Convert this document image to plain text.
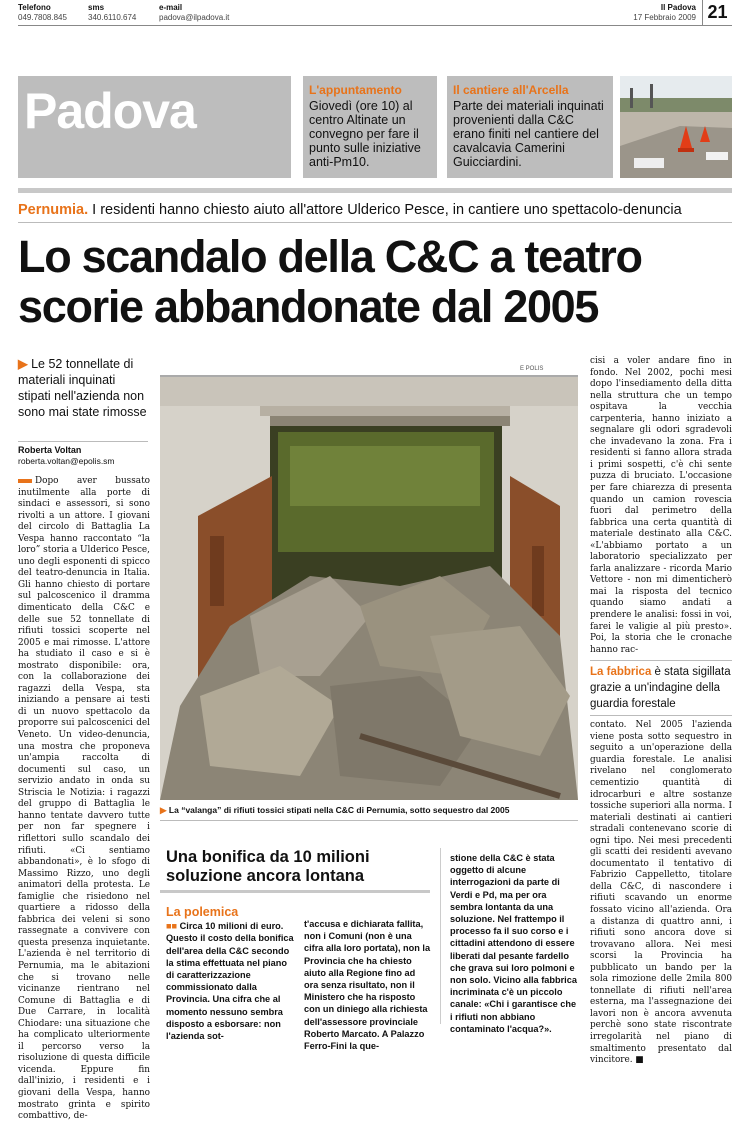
Telefono
049.7808.845
sms
340.6110.674
e-mail
padova@ilpadova.it
Il Padova
17 Febbraio 2009 21
Padova	L'appuntamento

Giovedì (ore 10) al centro Altinate un convegno per fare il punto sulle iniziative anti-Pm10.

Il cantiere all'Arcella

Parte dei materiali inquinati provenienti dalla C&C erano finiti nel cantiere del cavalcavia Camerini Guicciardini.

Pernumia. I residenti hanno chiesto aiuto all'attore Ulderico Pesce, in cantiere uno spettacolo-denuncia
Lo scandalo della C&C a teatro
scorie abbandonate dal 2005
▶ Le 52 tonnellate di materiali inquinati stipati nell'azienda non sono mai state rimosse
Roberta Voltan
roberta.voltan@epolis.sm
Dopo aver bussato inutilmente alla porte di sindaci e assessori, si sono rivolti a un attore. I giovani del circolo di Battaglia La Vespa hanno raccontato “la loro” storia a Ulderico Pesce, uno degli esponenti di spicco del teatro-denuncia in Italia. Gli hanno chiesto di portare sul palcoscenico il dramma dimenticato della C&C e delle sue 52 tonnellate di rifiuti tossici scoperte nel 2005 e mai rimosse. L'attore ha studiato il caso e si è mostrato disponibile: ora, con la collaborazione dei ragazzi della Vespa, sta iniziando a pensare ai testi di un nuovo spettacolo da proporre sui palcoscenici del Veneto. Un video-denuncia, una mostra che proponeva un'ampia raccolta di documenti sul caso, un servizio andato in onda su Striscia le Notizia: i ragazzi del gruppo di Battaglia le hanno tentate davvero tutte per non far spegnere i riflettori sullo scandalo dei rifiuti. «Ci sentiamo abbandonati», è lo sfogo di Massimo Rizzo, uno degli animatori della protesta. Le famiglie che risiedono nel quartiere a ridosso della fabbrica dei veleni si sono rassegnate a convivere con questa presenza inquietante. L'azienda è nel territorio di Pernumia, ma le abitazioni che si trovano nelle vicinanze rientrano nel Comune di Battaglia e di Due Carrare, in località Chiodare: una situazione che ha complicato ulteriormente il percorso verso la risoluzione di questa difficile vicenda. Eppure fin dall'inizio, i residenti e i giovani della Vespa, hanno mostrato grinta e spirito combattivo, de-
E POLIS
▶ La “valanga” di rifiuti tossici stipati nella C&C di Pernumia, sotto sequestro dal 2005
cisi a voler andare fino in fondo. Nel 2002, pochi mesi dopo l'insediamento della ditta nella struttura che un tempo ospitava la vecchia carpenteria, hanno iniziato a segnalare gli odori sgradevoli che invadevano la zona. Fra i residenti si fanno allora strada i primi sospetti, c'è chi sente puzza di bruciato. L'occasione per fare chiarezza di presenta quando un camion rovescia fuori dal perimetro della fabbrica una certa quantità di materiale destinato alla C&C. «L'abbiamo portato a un laboratorio specializzato per farla analizzare - ricorda Mario Vettore - non mi dimenticherò mai la risposta del tecnico quando siamo andati a prendere le analisi: fossi in voi, farei le valigie al più presto». Poi, la storia che le cronache hanno rac-
La fabbrica è stata sigillata grazie a un'indagine della guardia forestale
contato. Nel 2005 l'azienda viene posta sotto sequestro in seguito a un'operazione della guardia forestale. Le analisi rivelano nel conglomerato cementizio quantità di idrocarburi e altre sostanze tossiche superiori alla norma. I materiali destinati ai cantieri stradali contenevano scorie di ogni tipo. Nei mesi precedenti gli scatti dei residenti avevano documentato il tentativo di Fabrizio Cappelletto, titolare della C&C, di nascondere i rifiuti scavando un enorme fossato vicino all'azienda. Ora a distanza di quattro anni, i rifiuti sono ancora dove si trovavano allora. Nei mesi scorsi la Provincia ha pubblicato un bando per la sola rimozione delle 2mila 800 tonnellate di rifiuti nell'area esterna, ma l'assegnazione dei lavori non è ancora avvenuta perchè sono state riscontrate irregolarità nel piano di smaltimento presentato dal vincitore. ■
Una bonifica da 10 milioni soluzione ancora lontana
La polemica
■■ Circa 10 milioni di euro. Questo il costo della bonifica dell'area della C&C secondo la stima effettuata nel piano di caratterizzazione commissionato dalla Provincia. Una cifra che al momento nessuno sembra disposto a esborsare: non l'azienda sot-
t'accusa e dichiarata fallita, non i Comuni (non è una cifra alla loro portata), non la Provincia che ha chiesto aiuto alla Regione fino ad ora senza risultato, non il Ministero che ha risposto con un diniego alla richiesta dell'assessore provinciale Roberto Marcato. A Palazzo Ferro-Fini la que-
stione della C&C è stata oggetto di alcune interrogazioni da parte di Verdi e Pd, ma per ora sembra lontanta da una soluzione. Nel frattempo il processo fa il suo corso e i cittadini attendono di essere liberati dal pesante fardello che grava sui loro polmoni e non solo. Vicino alla fabbrica incriminata c'è un piccolo canale: «Chi i garantisce che i rifiuti non abbiano contaminato l'acqua?».
